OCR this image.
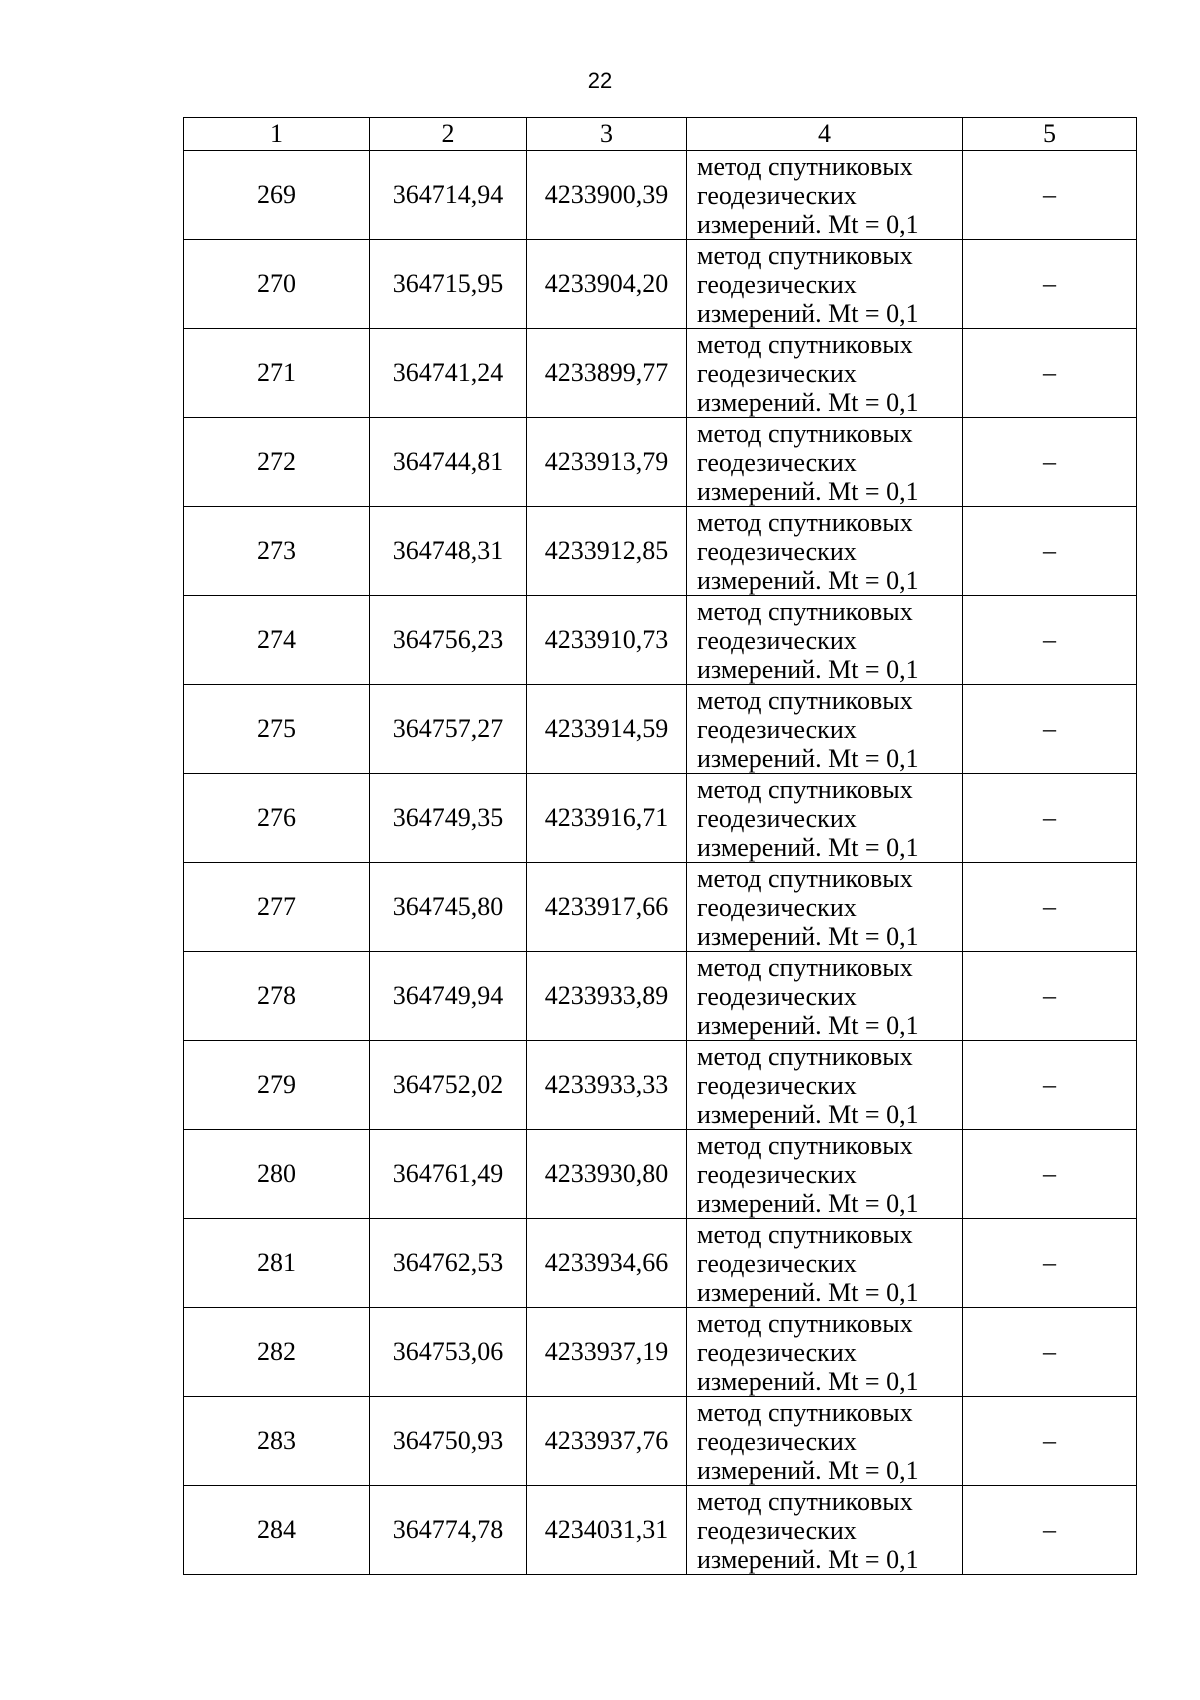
22
1	2	3	4	5
269	364714,94	4233900,39	метод спутниковых
геодезических
измерений. Mt = 0,1	–
270	364715,95	4233904,20	метод спутниковых
геодезических
измерений. Mt = 0,1	–
271	364741,24	4233899,77	метод спутниковых
геодезических
измерений. Mt = 0,1	–
272	364744,81	4233913,79	метод спутниковых
геодезических
измерений. Mt = 0,1	–
273	364748,31	4233912,85	метод спутниковых
геодезических
измерений. Mt = 0,1	–
274	364756,23	4233910,73	метод спутниковых
геодезических
измерений. Mt = 0,1	–
275	364757,27	4233914,59	метод спутниковых
геодезических
измерений. Mt = 0,1	–
276	364749,35	4233916,71	метод спутниковых
геодезических
измерений. Mt = 0,1	–
277	364745,80	4233917,66	метод спутниковых
геодезических
измерений. Mt = 0,1	–
278	364749,94	4233933,89	метод спутниковых
геодезических
измерений. Mt = 0,1	–
279	364752,02	4233933,33	метод спутниковых
геодезических
измерений. Mt = 0,1	–
280	364761,49	4233930,80	метод спутниковых
геодезических
измерений. Mt = 0,1	–
281	364762,53	4233934,66	метод спутниковых
геодезических
измерений. Mt = 0,1	–
282	364753,06	4233937,19	метод спутниковых
геодезических
измерений. Mt = 0,1	–
283	364750,93	4233937,76	метод спутниковых
геодезических
измерений. Mt = 0,1	–
284	364774,78	4234031,31	метод спутниковых
геодезических
измерений. Mt = 0,1	–
